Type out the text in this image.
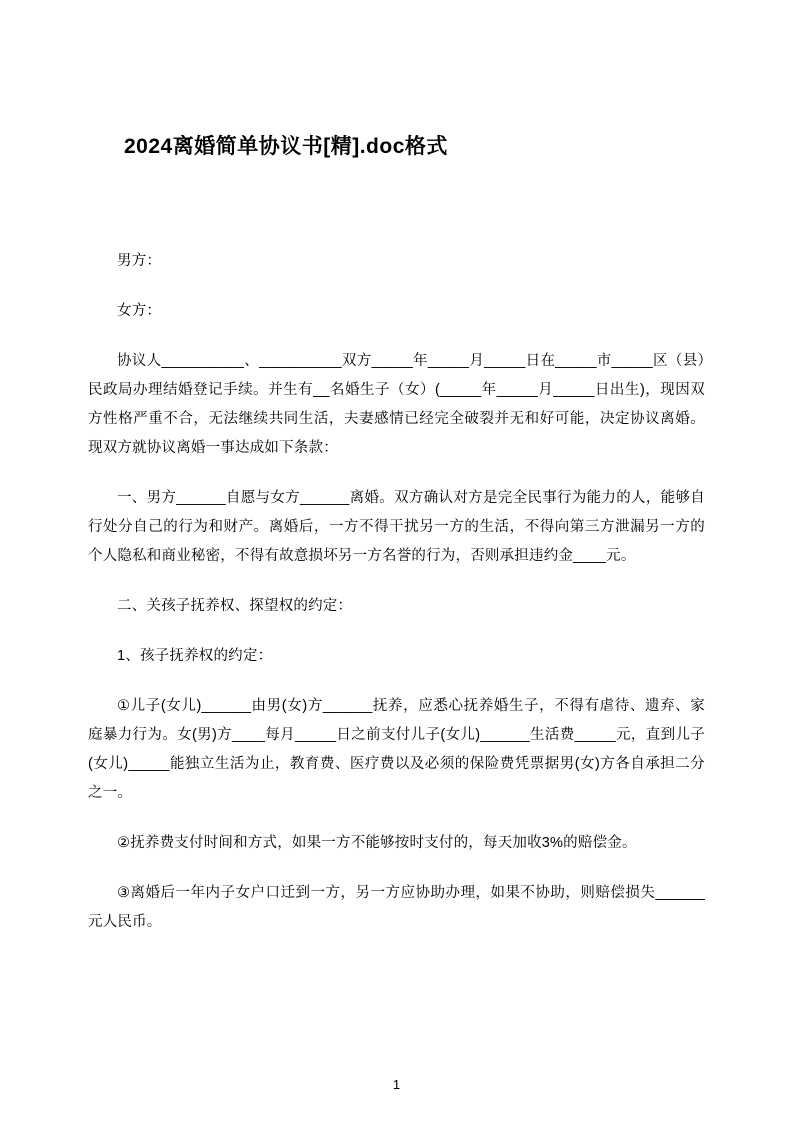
2024离婚简单协议书[精].doc格式

男方：

女方：

协议人__________、__________双方_____年_____月_____日在_____市_____区（县）民政局办理结婚登记手续。并生有__名婚生子（女）(_____年_____月_____日出生)，现因双方性格严重不合，无法继续共同生活，夫妻感情已经完全破裂并无和好可能，决定协议离婚。现双方就协议离婚一事达成如下条款：

一、男方______自愿与女方______离婚。双方确认对方是完全民事行为能力的人，能够自行处分自己的行为和财产。离婚后，一方不得干扰另一方的生活，不得向第三方泄漏另一方的个人隐私和商业秘密，不得有故意损坏另一方名誉的行为，否则承担违约金____元。

二、关孩子抚养权、探望权的约定：

1、孩子抚养权的约定：

①儿子(女儿)______由男(女)方______抚养，应悉心抚养婚生子，不得有虐待、遗弃、家庭暴力行为。女(男)方____每月_____日之前支付儿子(女儿)______生活费_____元，直到儿子(女儿)_____能独立生活为止，教育费、医疗费以及必须的保险费凭票据男(女)方各自承担二分之一。

②抚养费支付时间和方式，如果一方不能够按时支付的，每天加收3%的赔偿金。

③离婚后一年内子女户口迁到一方，另一方应协助办理，如果不协助，则赔偿损失______元人民币。

1
